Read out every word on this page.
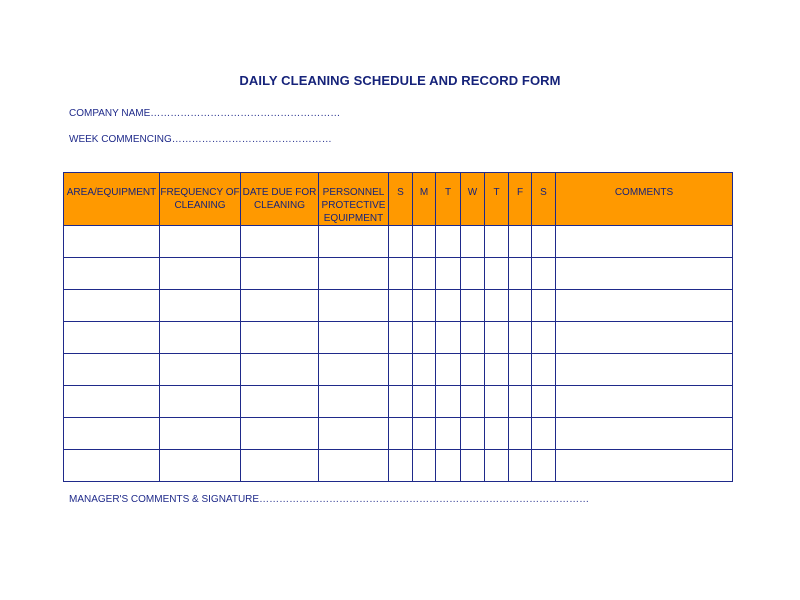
DAILY CLEANING SCHEDULE AND RECORD FORM
COMPANY NAME…………………………………………………
WEEK COMMENCING…………………………………………
AREA/EQUIPMENT	FREQUENCY OF CLEANING	DATE DUE FOR CLEANING	PERSONNEL PROTECTIVE EQUIPMENT	S	M	T	W	T	F	S	COMMENTS

MANAGER'S COMMENTS & SIGNATURE………………………………………………………………………………………
